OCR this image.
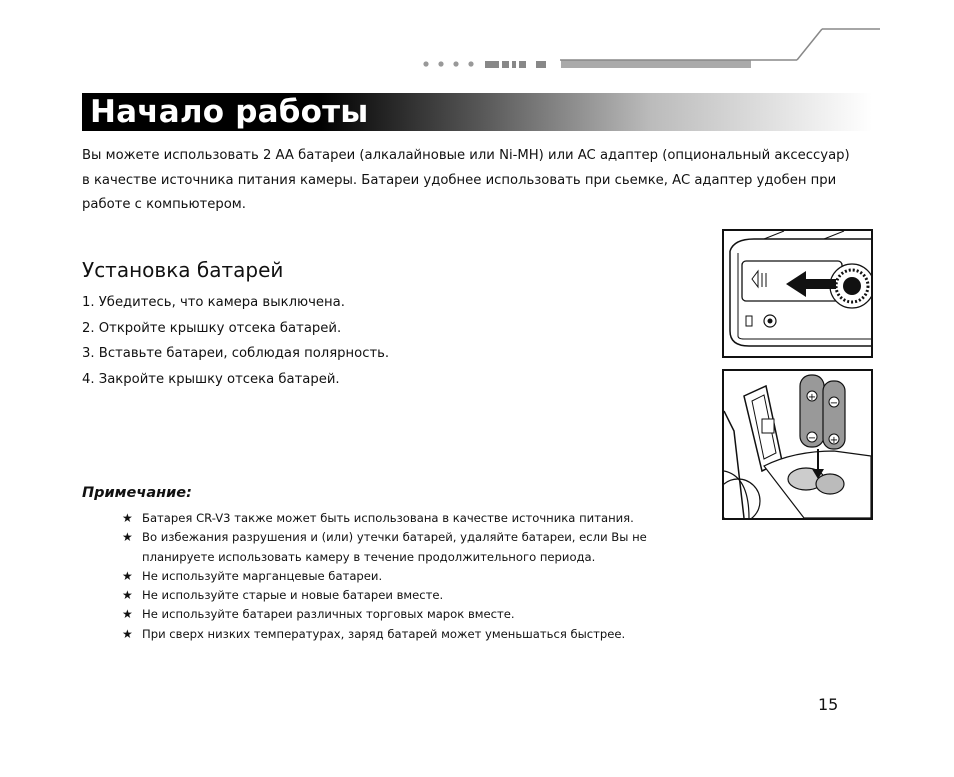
Начало работы

Вы можете использовать 2 AA батареи (алкалайновые или Ni-MH) или AC адаптер (опциональный аксессуар)
в качестве источника питания камеры. Батареи удобнее использовать при сьемке, AC адаптер удобен при
работе с компьютером.

Установка батарей
1. Убедитесь, что камера выключена.
2. Откройте крышку отсека батарей.
3. Вставьте батареи, соблюдая полярность.
4. Закройте крышку отсека батарей.
Примечание:
★ Батарея CR-V3 также может быть использована в качестве источника питания.
★ Во избежания разрушения и (или) утечки батарей, удаляйте батареи, если Вы не
планируете использовать камеру в течение продолжительного периода.
★ Не используйте марганцевые батареи.
★ Не используйте старые и новые батареи вместе.
★ Не используйте батареи различных торговых марок вместе.
★ При сверх низких температурах, заряд батарей может уменьшаться быстрее.
+
−
−
+
15
